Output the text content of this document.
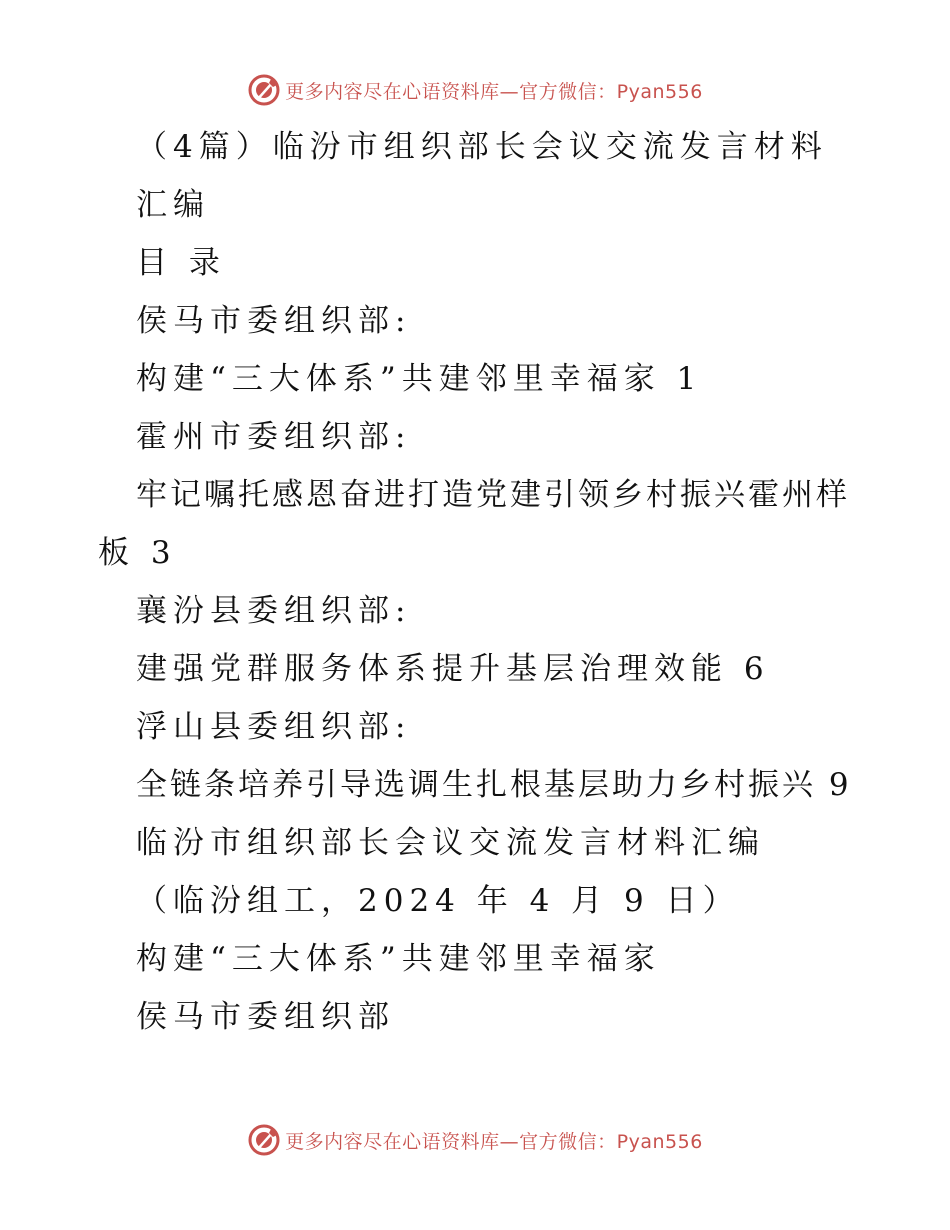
更多内容尽在心语资料库—官方微信：Pyan556
（4篇）临汾市组织部长会议交流发言材料
汇编
目 录
侯马市委组织部:
构建“三大体系”共建邻里幸福家 1
霍州市委组织部:
牢记嘱托感恩奋进打造党建引领乡村振兴霍州样
板 3
襄汾县委组织部:
建强党群服务体系提升基层治理效能 6
浮山县委组织部:
全链条培养引导选调生扎根基层助力乡村振兴 9
临汾市组织部长会议交流发言材料汇编
（临汾组工，2024 年 4 月 9 日）
构建“三大体系”共建邻里幸福家
侯马市委组织部
更多内容尽在心语资料库—官方微信：Pyan556
